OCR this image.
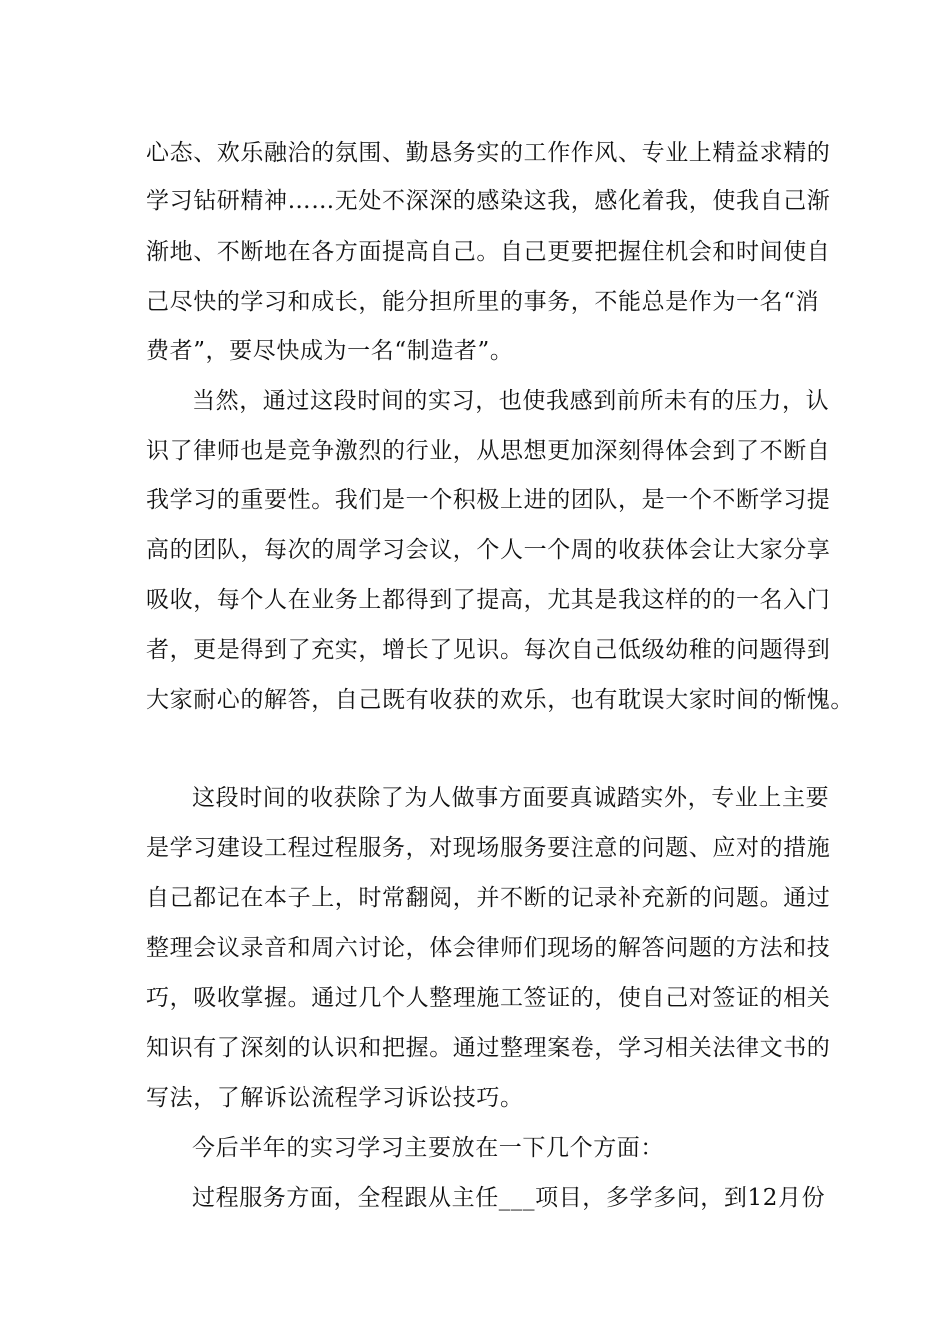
心态、欢乐融洽的氛围、勤恳务实的工作作风、专业上精益求精的
学习钻研精神……无处不深深的感染这我，感化着我，使我自己渐
渐地、不断地在各方面提高自己。自己更要把握住机会和时间使自
己尽快的学习和成长，能分担所里的事务，不能总是作为一名“消
费者”，要尽快成为一名“制造者”。
当然，通过这段时间的实习，也使我感到前所未有的压力，认
识了律师也是竞争激烈的行业，从思想更加深刻得体会到了不断自
我学习的重要性。我们是一个积极上进的团队，是一个不断学习提
高的团队，每次的周学习会议，个人一个周的收获体会让大家分享
吸收，每个人在业务上都得到了提高，尤其是我这样的的一名入门
者，更是得到了充实，增长了见识。每次自己低级幼稚的问题得到
大家耐心的解答，自己既有收获的欢乐，也有耽误大家时间的惭愧。
这段时间的收获除了为人做事方面要真诚踏实外，专业上主要
是学习建设工程过程服务，对现场服务要注意的问题、应对的措施
自己都记在本子上，时常翻阅，并不断的记录补充新的问题。通过
整理会议录音和周六讨论，体会律师们现场的解答问题的方法和技
巧，吸收掌握。通过几个人整理施工签证的，使自己对签证的相关
知识有了深刻的认识和把握。通过整理案卷，学习相关法律文书的
写法，了解诉讼流程学习诉讼技巧。
今后半年的实习学习主要放在一下几个方面：
过程服务方面，全程跟从主任___项目，多学多问，到12月份
